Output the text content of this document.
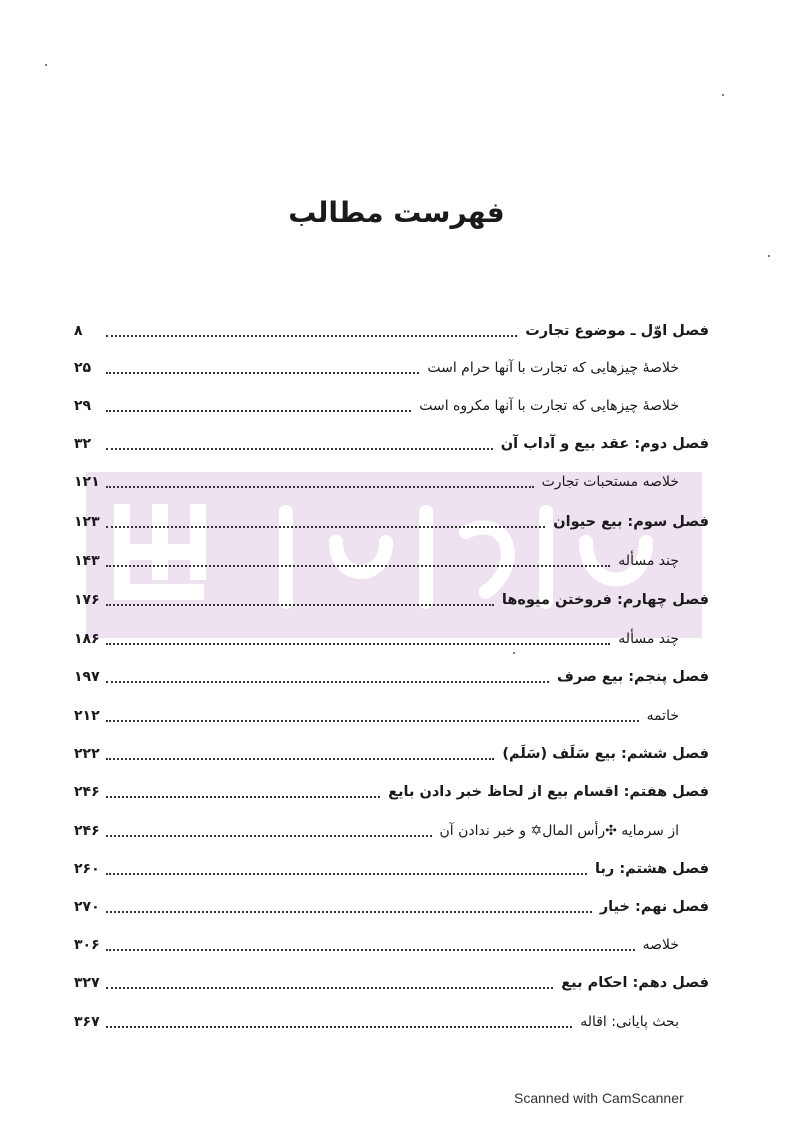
فهرست مطالب
فصل اوّل ـ موضوع تجارت
۸
خلاصهٔ چیزهایی که تجارت با آنها حرام است
۲۵
خلاصهٔ چیزهایی که تجارت با آنها مکروه است
۲۹
فصل دوم: عقد بیع و آداب آن
۳۲
خلاصه مستحبات تجارت
۱۲۱
فصل سوم: بیع حیوان
۱۲۳
چند مسأله
۱۴۳
فصل چهارم: فروختن میوه‌ها
۱۷۶
چند مسأله
۱۸۶
فصل پنجم: بیع صرف
۱۹۷
خاتمه
۲۱۲
فصل ششم: بیع سَلَف (سَلَم)
۲۲۲
فصل هفتم: اقسام بیع از لحاظ خبر دادن بایع
۲۴۶
از سرمایه ✣رأس المال✡ و خبر ندادن آن
۲۴۶
فصل هشتم: ربا
۲۶۰
فصل نهم: خیار
۲۷۰
خلاصه
۳۰۶
فصل دهم: احکام بیع
۳۲۷
بحث پایانی: اقاله
۳۶۷
Scanned with CamScanner
